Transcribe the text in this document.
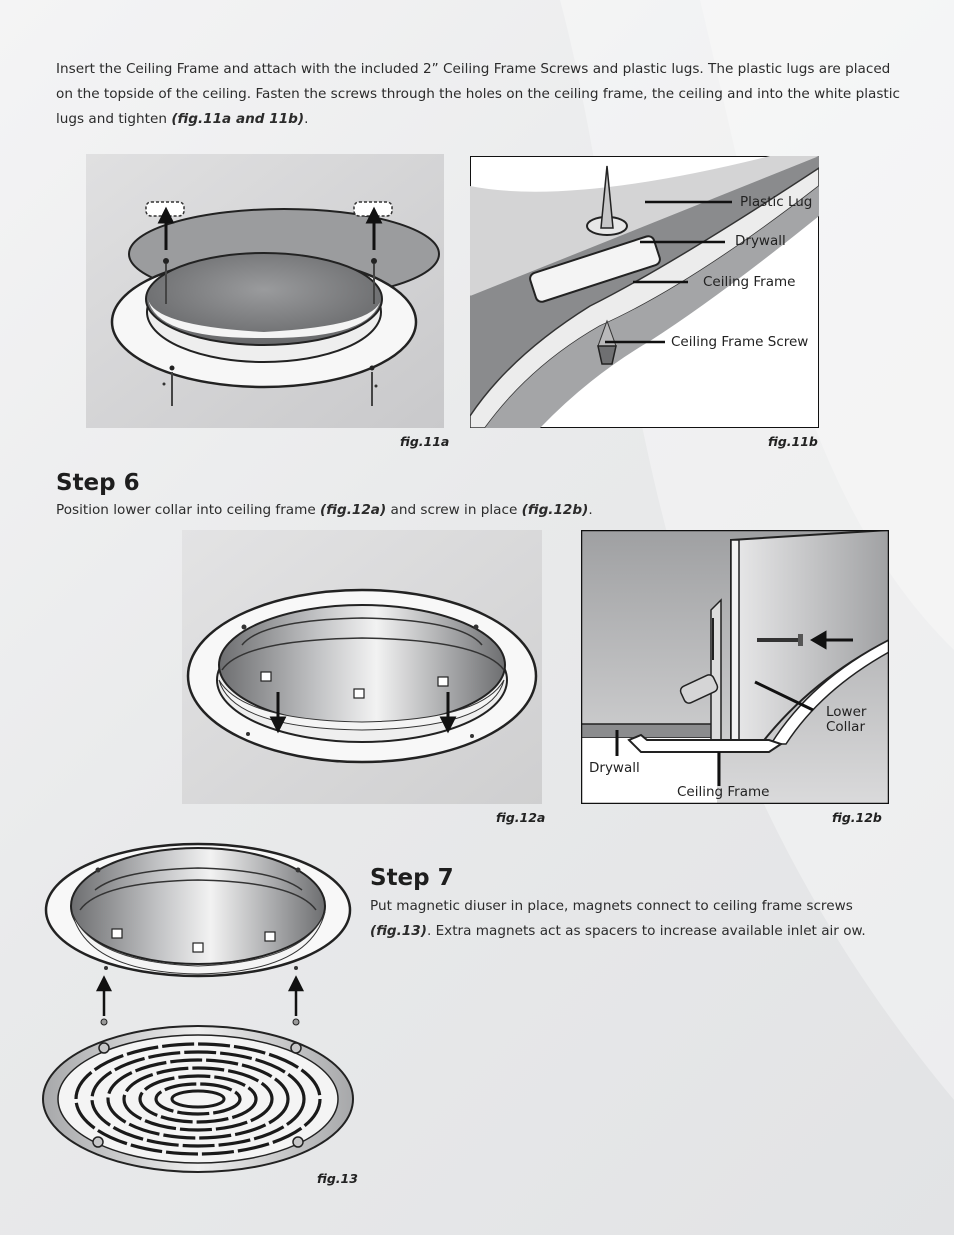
Insert the Ceiling Frame and attach with the included 2” Ceiling Frame Screws and plastic lugs. The plastic lugs are placed on the topside of the ceiling. Fasten the screws through the holes on the ceiling frame, the ceiling and into the white plastic lugs and tighten (fig.11a and 11b).

fig.11a
Plastic Lug
Drywall
Ceiling Frame
Ceiling Frame Screw
fig.11b
Step 6

Position lower collar into ceiling frame (fig.12a) and screw in place (fig.12b).

fig.12a
Lower
Collar
Drywall
Ceiling Frame
fig.12b
fig.13
Step 7

Put magnetic diuser in place, magnets connect to ceiling frame screws (fig.13). Extra magnets act as spacers to increase available inlet air ow.
